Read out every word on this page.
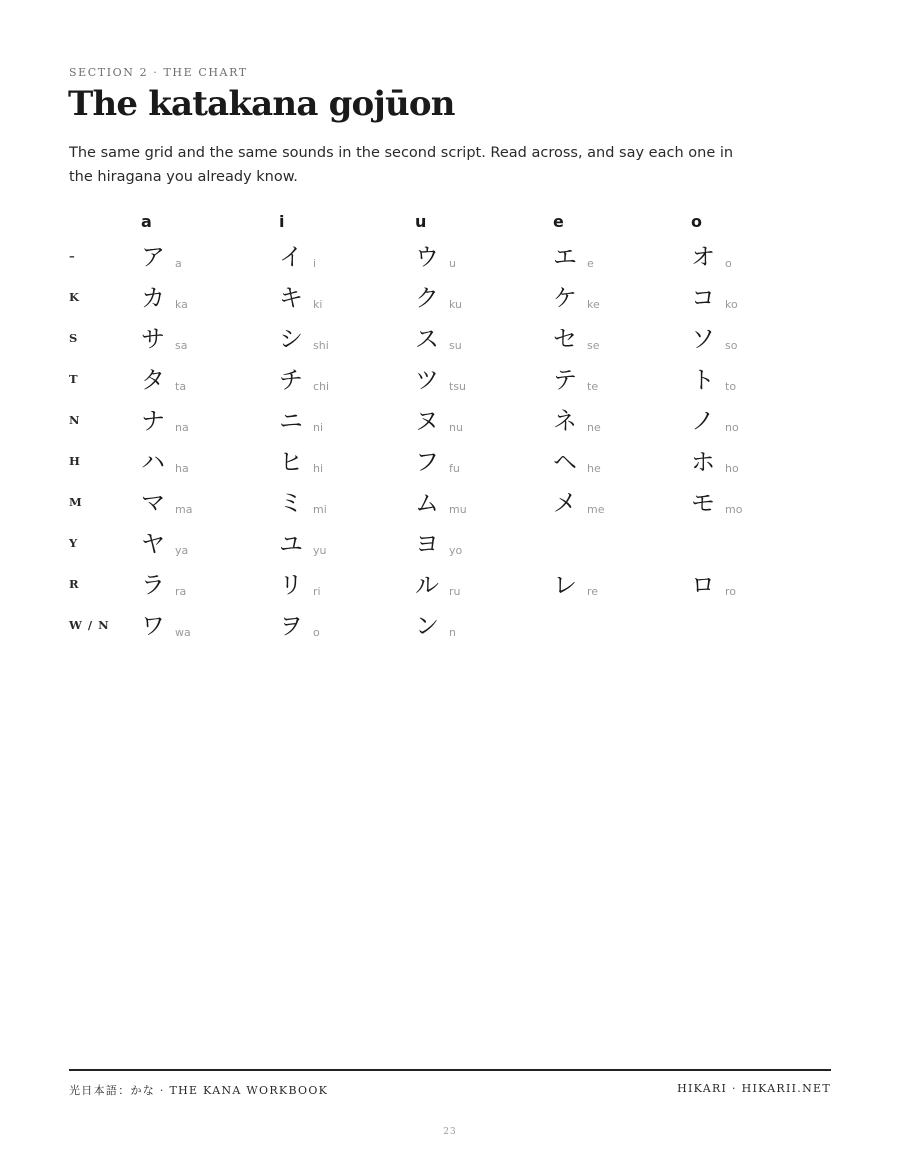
SECTION 2 · THE CHART
The katakana gojūon

The same grid and the same sounds in the second script. Read across, and say each one in the hiragana you already know.

a	i	u	e	o
–	ア a	イ i	ウ u	エ e	オ o
K	カ ka	キ ki	ク ku	ケ ke	コ ko
S	サ sa	シ shi	ス su	セ se	ソ so
T	タ ta	チ chi	ツ tsu	テ te	ト to
N	ナ na	ニ ni	ヌ nu	ネ ne	ノ no
H	ハ ha	ヒ hi	フ fu	ヘ he	ホ ho
M マ ma	ミ mi	ム mu	メ me	モ mo
Y	ヤ ya	ユ yu	ヨ yo
R	ラ ra	リ ri	ル ru	レ re	ロ ro
W / N ワ wa	ヲ o	ン n
光日本語：かな · THE KANA WORKBOOK	HIKARI · HIKARII.NET
23
